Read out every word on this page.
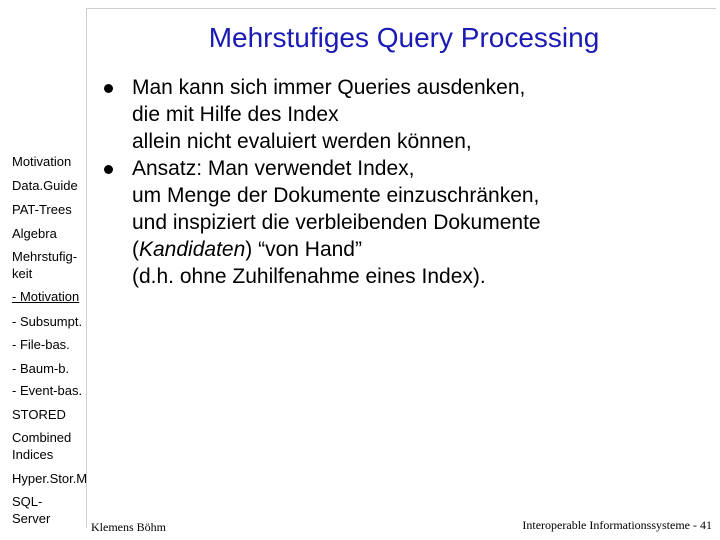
Mehrstufiges Query Processing
Motivation
Data.Guide
PAT-Trees
Algebra
Mehrstufig-
keit
- Motivation
- Subsumpt.
- File-bas.
- Baum-b.
- Event-bas.
STORED
Combined
Indices
Hyper.Stor.M
SQL-
Server
Man kann sich immer Queries ausdenken,
die mit Hilfe des Index
allein nicht evaluiert werden können,
Ansatz: Man verwendet Index,
um Menge der Dokumente einzuschränken,
und inspiziert die verbleibenden Dokumente
(Kandidaten) “von Hand”
(d.h. ohne Zuhilfenahme eines Index).
Klemens Böhm	Interoperable Informationssysteme - 41
